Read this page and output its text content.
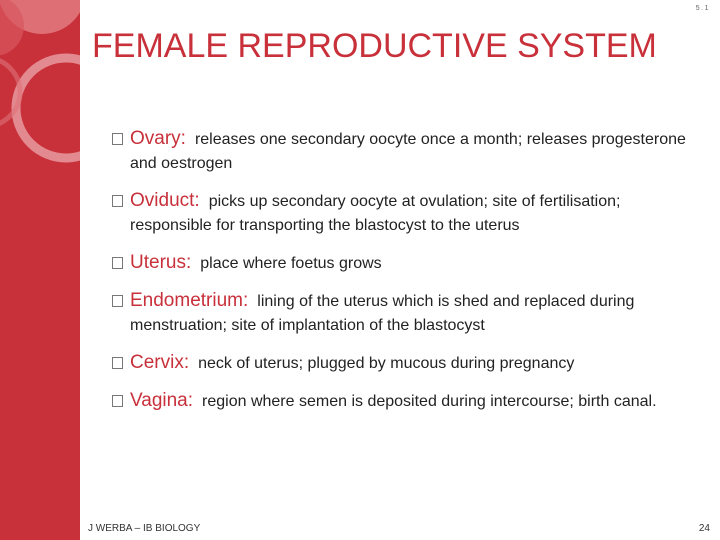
5.1
FEMALE REPRODUCTIVE SYSTEM
Ovary: releases one secondary oocyte once a month; releases progesterone and oestrogen
Oviduct: picks up secondary oocyte at ovulation; site of fertilisation; responsible for transporting the blastocyst to the uterus
Uterus: place where foetus grows
Endometrium: lining of the uterus which is shed and replaced during menstruation; site of implantation of the blastocyst
Cervix: neck of uterus; plugged by mucous during pregnancy
Vagina: region where semen is deposited during intercourse; birth canal.
J WERBA – IB BIOLOGY	24
